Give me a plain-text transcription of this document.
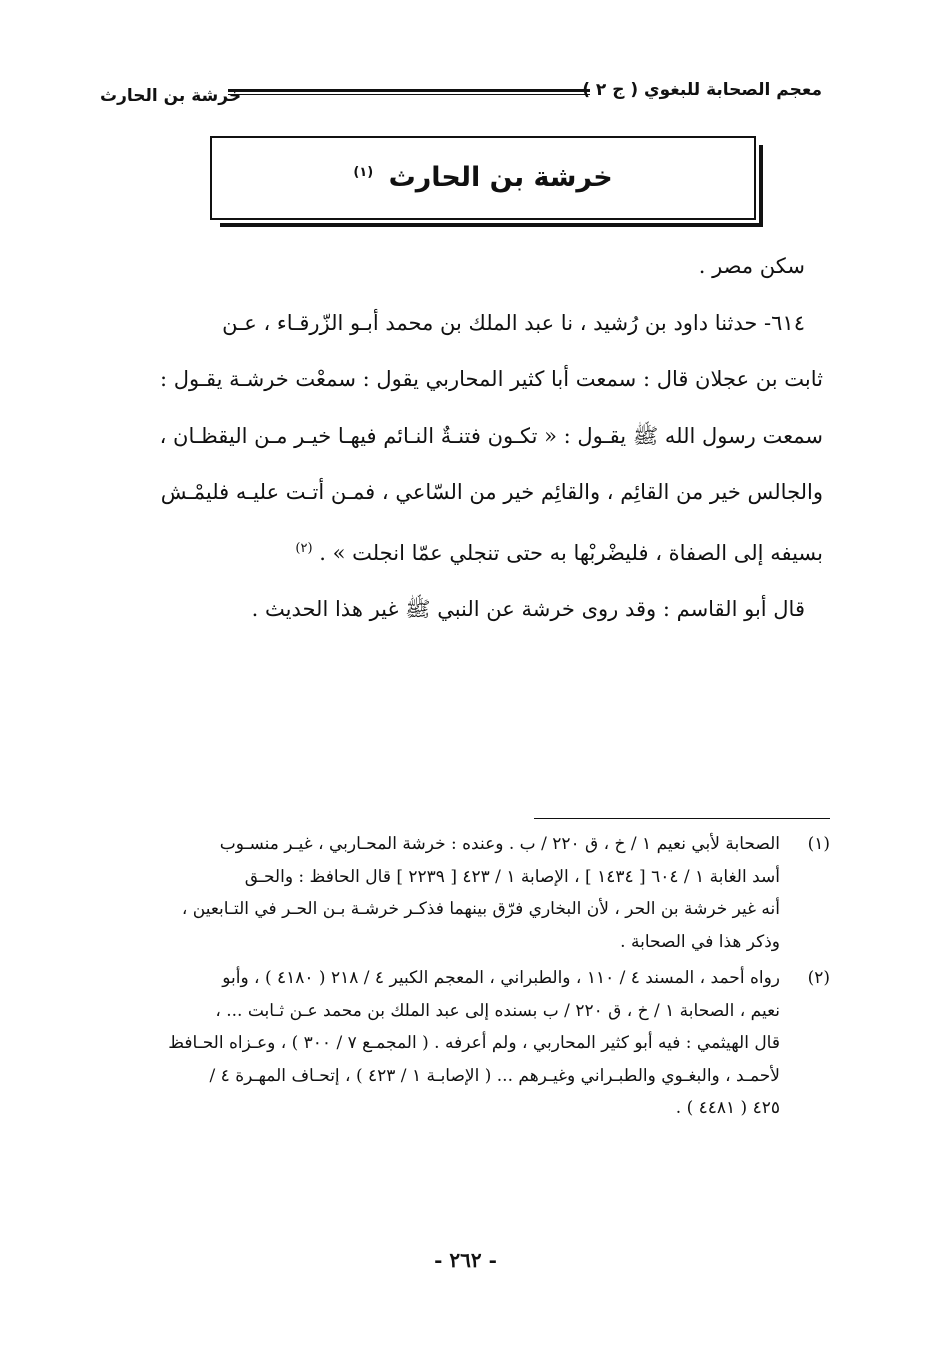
معجم الصحابة للبغوي ( ج ٢ )
خرشة بن الحارث
خرشة بن الحارث $^{(١)}$

سكن مصر .

٦١٤- حدثنا داود بن رُشيد ، نا عبد الملك بن محمد أبـو الزّرقـاء ، عـن

ثابت بن عجلان قال : سمعت أبا كثير المحاربي يقول : سمعْت خرشـة يقـول :

سمعت رسول الله ﷺ يقـول : « تكـون فتنـةٌ النـائم فيهـا خيـر مـن اليقظـان ،

والجالس خير من القائِم ، والقائِم خير من السّاعي ، فمـن أتـت عليـه فليمْـش

بسيفه إلى الصفاة ، فليضْربْها به حتى تنجلي عمّا انجلت » . $^{(٢)}$

قال أبو القاسم : وقد روى خرشة عن النبي ﷺ غير هذا الحديث .

(١)
الصحابة لأبي نعيم ١ / خ ، ق ٢٢٠ / ب . وعنده : خرشة المحـاربي ، غيـر منسـوب
أسد الغابة ١ / ٦٠٤ [ ١٤٣٤ ] ، الإصابة ١ / ٤٢٣ [ ٢٢٣٩ ] قال الحافظ : والحـق
أنه غير خرشة بن الحر ، لأن البخاري فرّق بينهما فذكـر خرشـة بـن الحـر في التـابعين ،
وذكر هذا في الصحابة .
(٢)
رواه أحمد ، المسند ٤ / ١١٠ ، والطبراني ، المعجم الكبير ٤ / ٢١٨ ( ٤١٨٠ ) ، وأبو
نعيم ، الصحابة ١ / خ ، ق ٢٢٠ / ب بسنده إلى عبد الملك بن محمد عـن ثـابت ... ،
قال الهيثمي : فيه أبو كثير المحاربي ، ولم أعرفه . ( المجمـع ٧ / ٣٠٠ ) ، وعـزاه الحـافظ
لأحمـد ، والبغـوي والطبـراني وغيـرهم ... ( الإصابـة ١ / ٤٢٣ ) ، إتحـاف المهـرة ٤ /
٤٢٥ ( ٤٤٨١ ) .
- ٢٦٢ -
